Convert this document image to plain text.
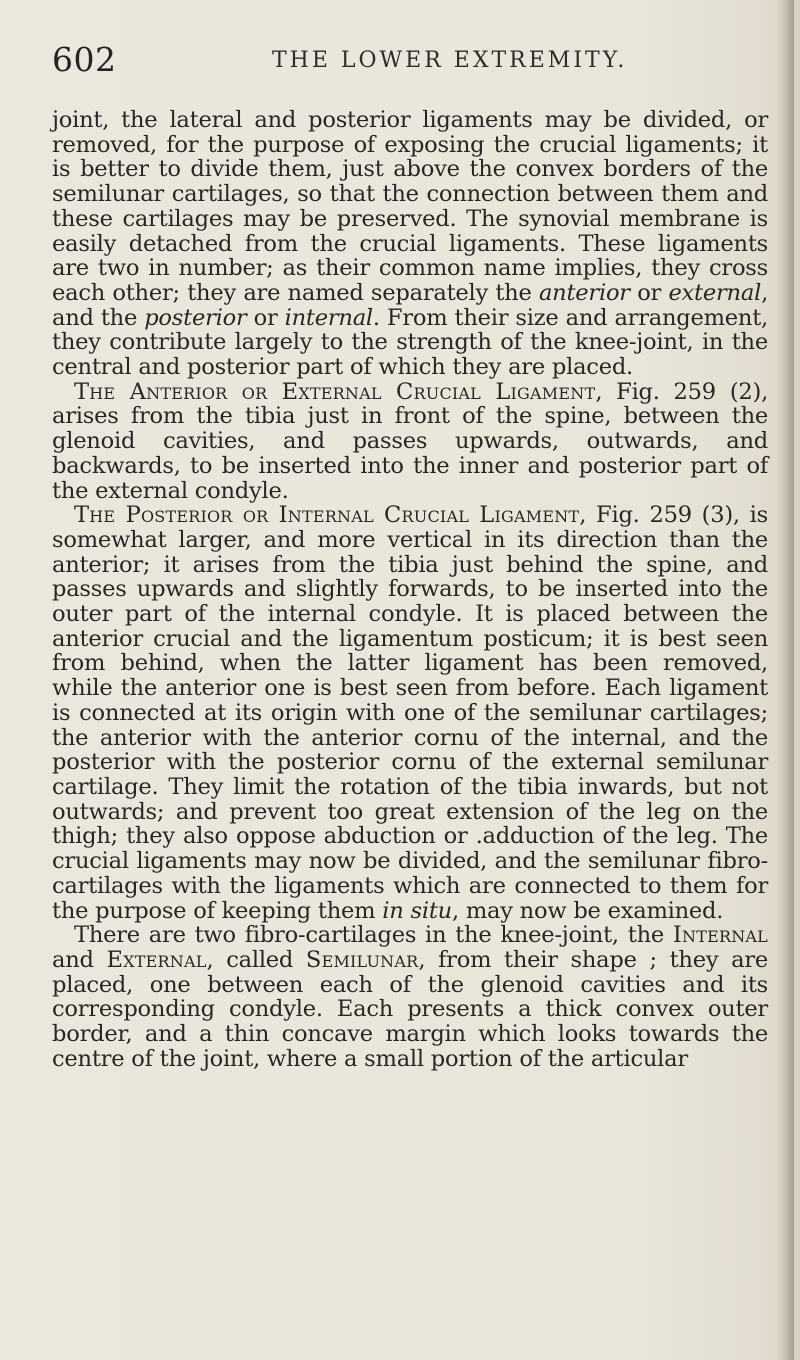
602	THE LOWER EXTREMITY.

joint, the lateral and posterior ligaments may be divided, or removed, for the purpose of exposing the crucial ligaments; it is better to divide them, just above the convex borders of the semilunar cartilages, so that the connection between them and these cartilages may be preserved. The synovial membrane is easily detached from the crucial ligaments. These ligaments are two in number; as their common name implies, they cross each other; they are named separately the anterior or external, and the posterior or internal. From their size and arrangement, they contribute largely to the strength of the knee-joint, in the central and posterior part of which they are placed.

The Anterior or External Crucial Ligament, Fig. 259 (2), arises from the tibia just in front of the spine, between the glenoid cavities, and passes upwards, outwards, and backwards, to be inserted into the inner and posterior part of the external condyle.

The Posterior or Internal Crucial Ligament, Fig. 259 (3), is somewhat larger, and more vertical in its direction than the anterior; it arises from the tibia just behind the spine, and passes upwards and slightly forwards, to be inserted into the outer part of the internal condyle. It is placed between the anterior crucial and the ligamentum posticum; it is best seen from behind, when the latter ligament has been removed, while the anterior one is best seen from before. Each ligament is connected at its origin with one of the semilunar cartilages; the anterior with the anterior cornu of the internal, and the posterior with the posterior cornu of the external semilunar cartilage. They limit the rotation of the tibia inwards, but not outwards; and prevent too great extension of the leg on the thigh; they also oppose abduction or .adduction of the leg. The crucial ligaments may now be divided, and the semilunar fibro-cartilages with the ligaments which are connected to them for the purpose of keeping them in situ, may now be examined.

There are two fibro-cartilages in the knee-joint, the Internal and External, called Semilunar, from their shape ; they are placed, one between each of the glenoid cavities and its corresponding condyle. Each presents a thick convex outer border, and a thin concave margin which looks towards the centre of the joint, where a small portion of the articular
